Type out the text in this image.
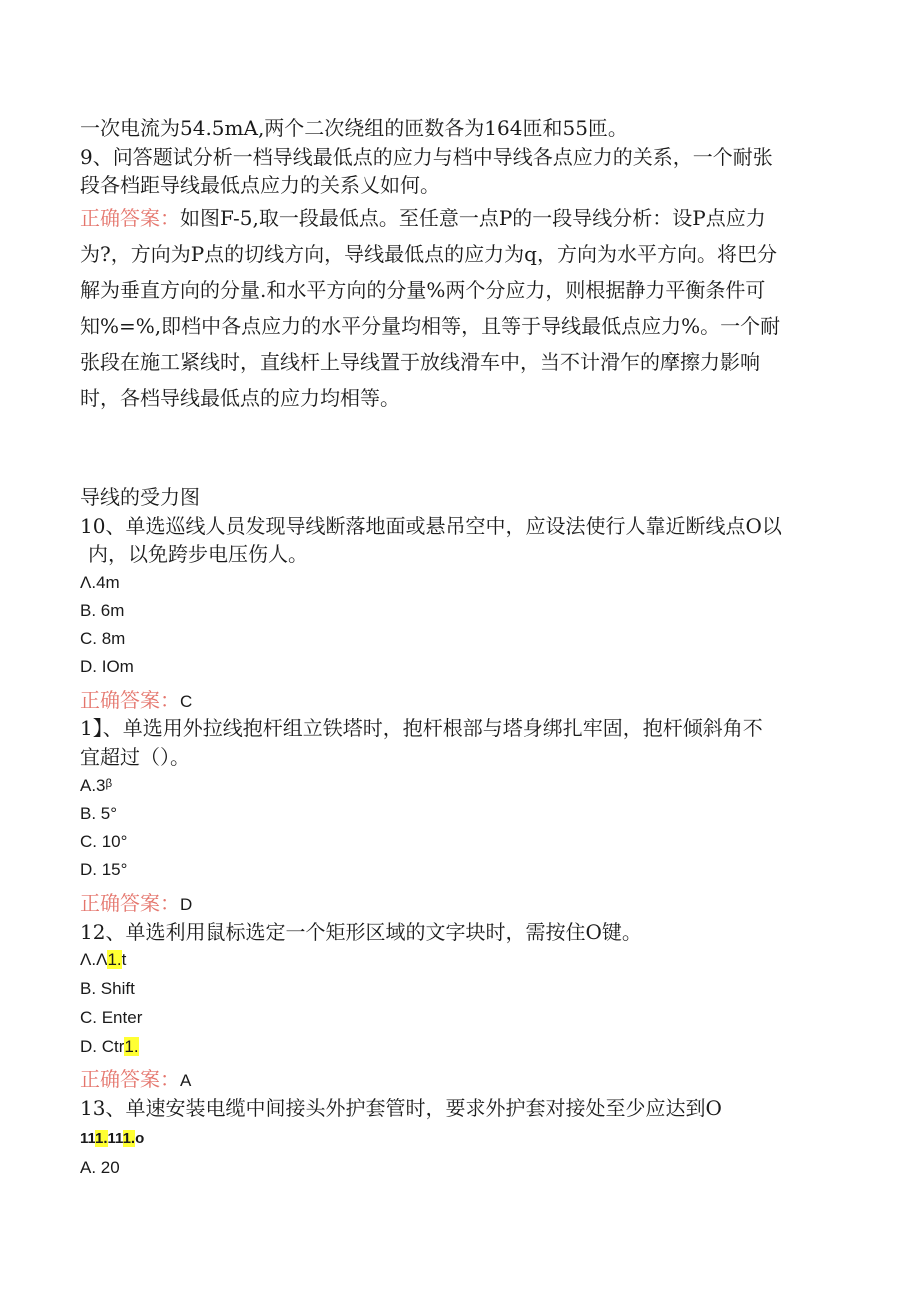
一次电流为54.5mA,两个二次绕组的匝数各为164匝和55匝。
9、问答题试分析一档导线最低点的应力与档中导线各点应力的关系，一个耐张
段各档距导线最低点应力的关系乂如何。
正确答案：如图F-5,取一段最低点。至任意一点P的一段导线分析：设P点应力
为?，方向为P点的切线方向，导线最低点的应力为q，方向为水平方向。将巴分
解为垂直方向的分量.和水平方向的分量%两个分应力，则根据静力平衡条件可
知%=%,即档中各点应力的水平分量均相等，且等于导线最低点应力%。一个耐
张段在施工紧线时，直线杆上导线置于放线滑车中，当不计滑乍的摩擦力影响
时，各档导线最低点的应力均相等。
导线的受力图
10、单选巡线人员发现导线断落地面或悬吊空中，应设法使行人靠近断线点O以
内，以免跨步电压伤人。
Λ.4m
B. 6m
C. 8m
D. IOm
正确答案：C
1】、单选用外拉线抱杆组立铁塔时，抱杆根部与塔身绑扎牢固，抱杆倾斜角不
宜超过（）。
A.3ᵝ
B. 5°
C. 10°
D. 15°
正确答案：D
12、单选利用鼠标选定一个矩形区域的文字块时，需按住O键。
Λ.Λ1.t
B. Shift
C. Enter
D. Ctr1.
正确答案：A
13、单速安装电缆中间接头外护套管时，要求外护套对接处至少应达到O
111.111.o
A. 20
